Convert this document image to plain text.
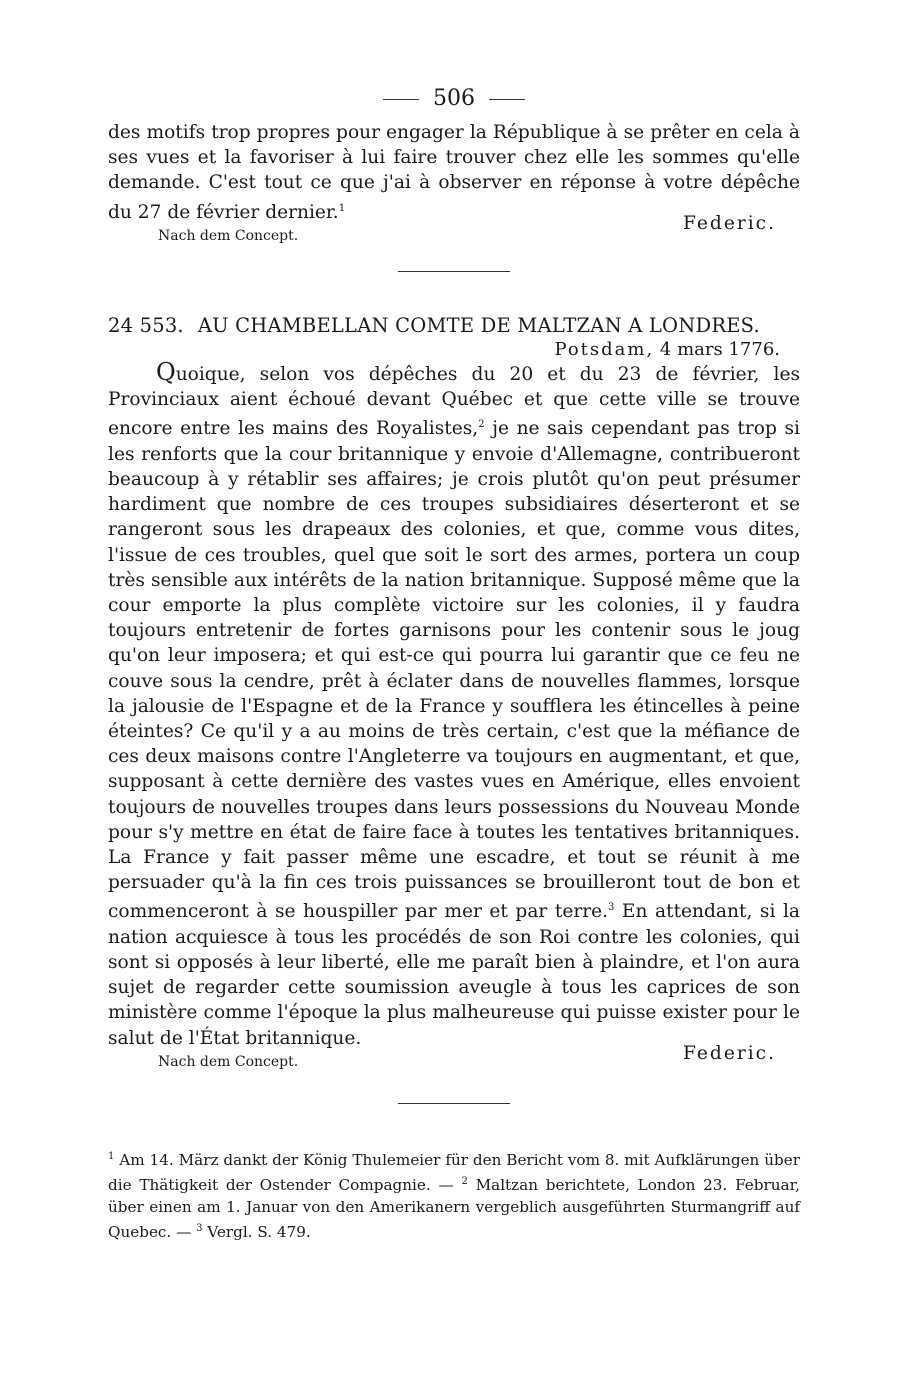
506

des motifs trop propres pour engager la République à se prêter en cela à ses vues et la favoriser à lui faire trouver chez elle les sommes qu'elle demande. C'est tout ce que j'ai à observer en réponse à votre dépêche du 27 de février dernier.$^1$

Nach dem Concept.
Federic.
24 553. AU CHAMBELLAN COMTE DE MALTZAN A LONDRES.
Potsdam, 4 mars 1776.

Quoique, selon vos dépêches du 20 et du 23 de février, les Provinciaux aient échoué devant Québec et que cette ville se trouve encore entre les mains des Royalistes,$^2$ je ne sais cependant pas trop si les renforts que la cour britannique y envoie d'Allemagne, contribueront beaucoup à y rétablir ses affaires; je crois plutôt qu'on peut présumer hardiment que nombre de ces troupes subsidiaires déserteront et se rangeront sous les drapeaux des colonies, et que, comme vous dites, l'issue de ces troubles, quel que soit le sort des armes, portera un coup très sensible aux intérêts de la nation britannique. Supposé même que la cour emporte la plus complète victoire sur les colonies, il y faudra toujours entretenir de fortes garnisons pour les contenir sous le joug qu'on leur imposera; et qui est-ce qui pourra lui garantir que ce feu ne couve sous la cendre, prêt à éclater dans de nouvelles flammes, lorsque la jalousie de l'Espagne et de la France y soufflera les étincelles à peine éteintes? Ce qu'il y a au moins de très certain, c'est que la méfiance de ces deux maisons contre l'Angleterre va toujours en augmentant, et que, supposant à cette dernière des vastes vues en Amérique, elles envoient toujours de nouvelles troupes dans leurs possessions du Nouveau Monde pour s'y mettre en état de faire face à toutes les tentatives britanniques. La France y fait passer même une escadre, et tout se réunit à me persuader qu'à la fin ces trois puissances se brouilleront tout de bon et commenceront à se houspiller par mer et par terre.$^3$ En attendant, si la nation acquiesce à tous les procédés de son Roi contre les colonies, qui sont si opposés à leur liberté, elle me paraît bien à plaindre, et l'on aura sujet de regarder cette soumission aveugle à tous les caprices de son ministère comme l'époque la plus malheureuse qui puisse exister pour le salut de l'État britannique.

Nach dem Concept.	Federic.

$^1$ Am 14. März dankt der König Thulemeier für den Bericht vom 8. mit Aufklärungen über die Thätigkeit der Ostender Compagnie. — $^2$ Maltzan berichtete, London 23. Februar, über einen am 1. Januar von den Amerikanern vergeblich ausgeführten Sturmangriff auf Quebec. — $^3$ Vergl. S. 479.
